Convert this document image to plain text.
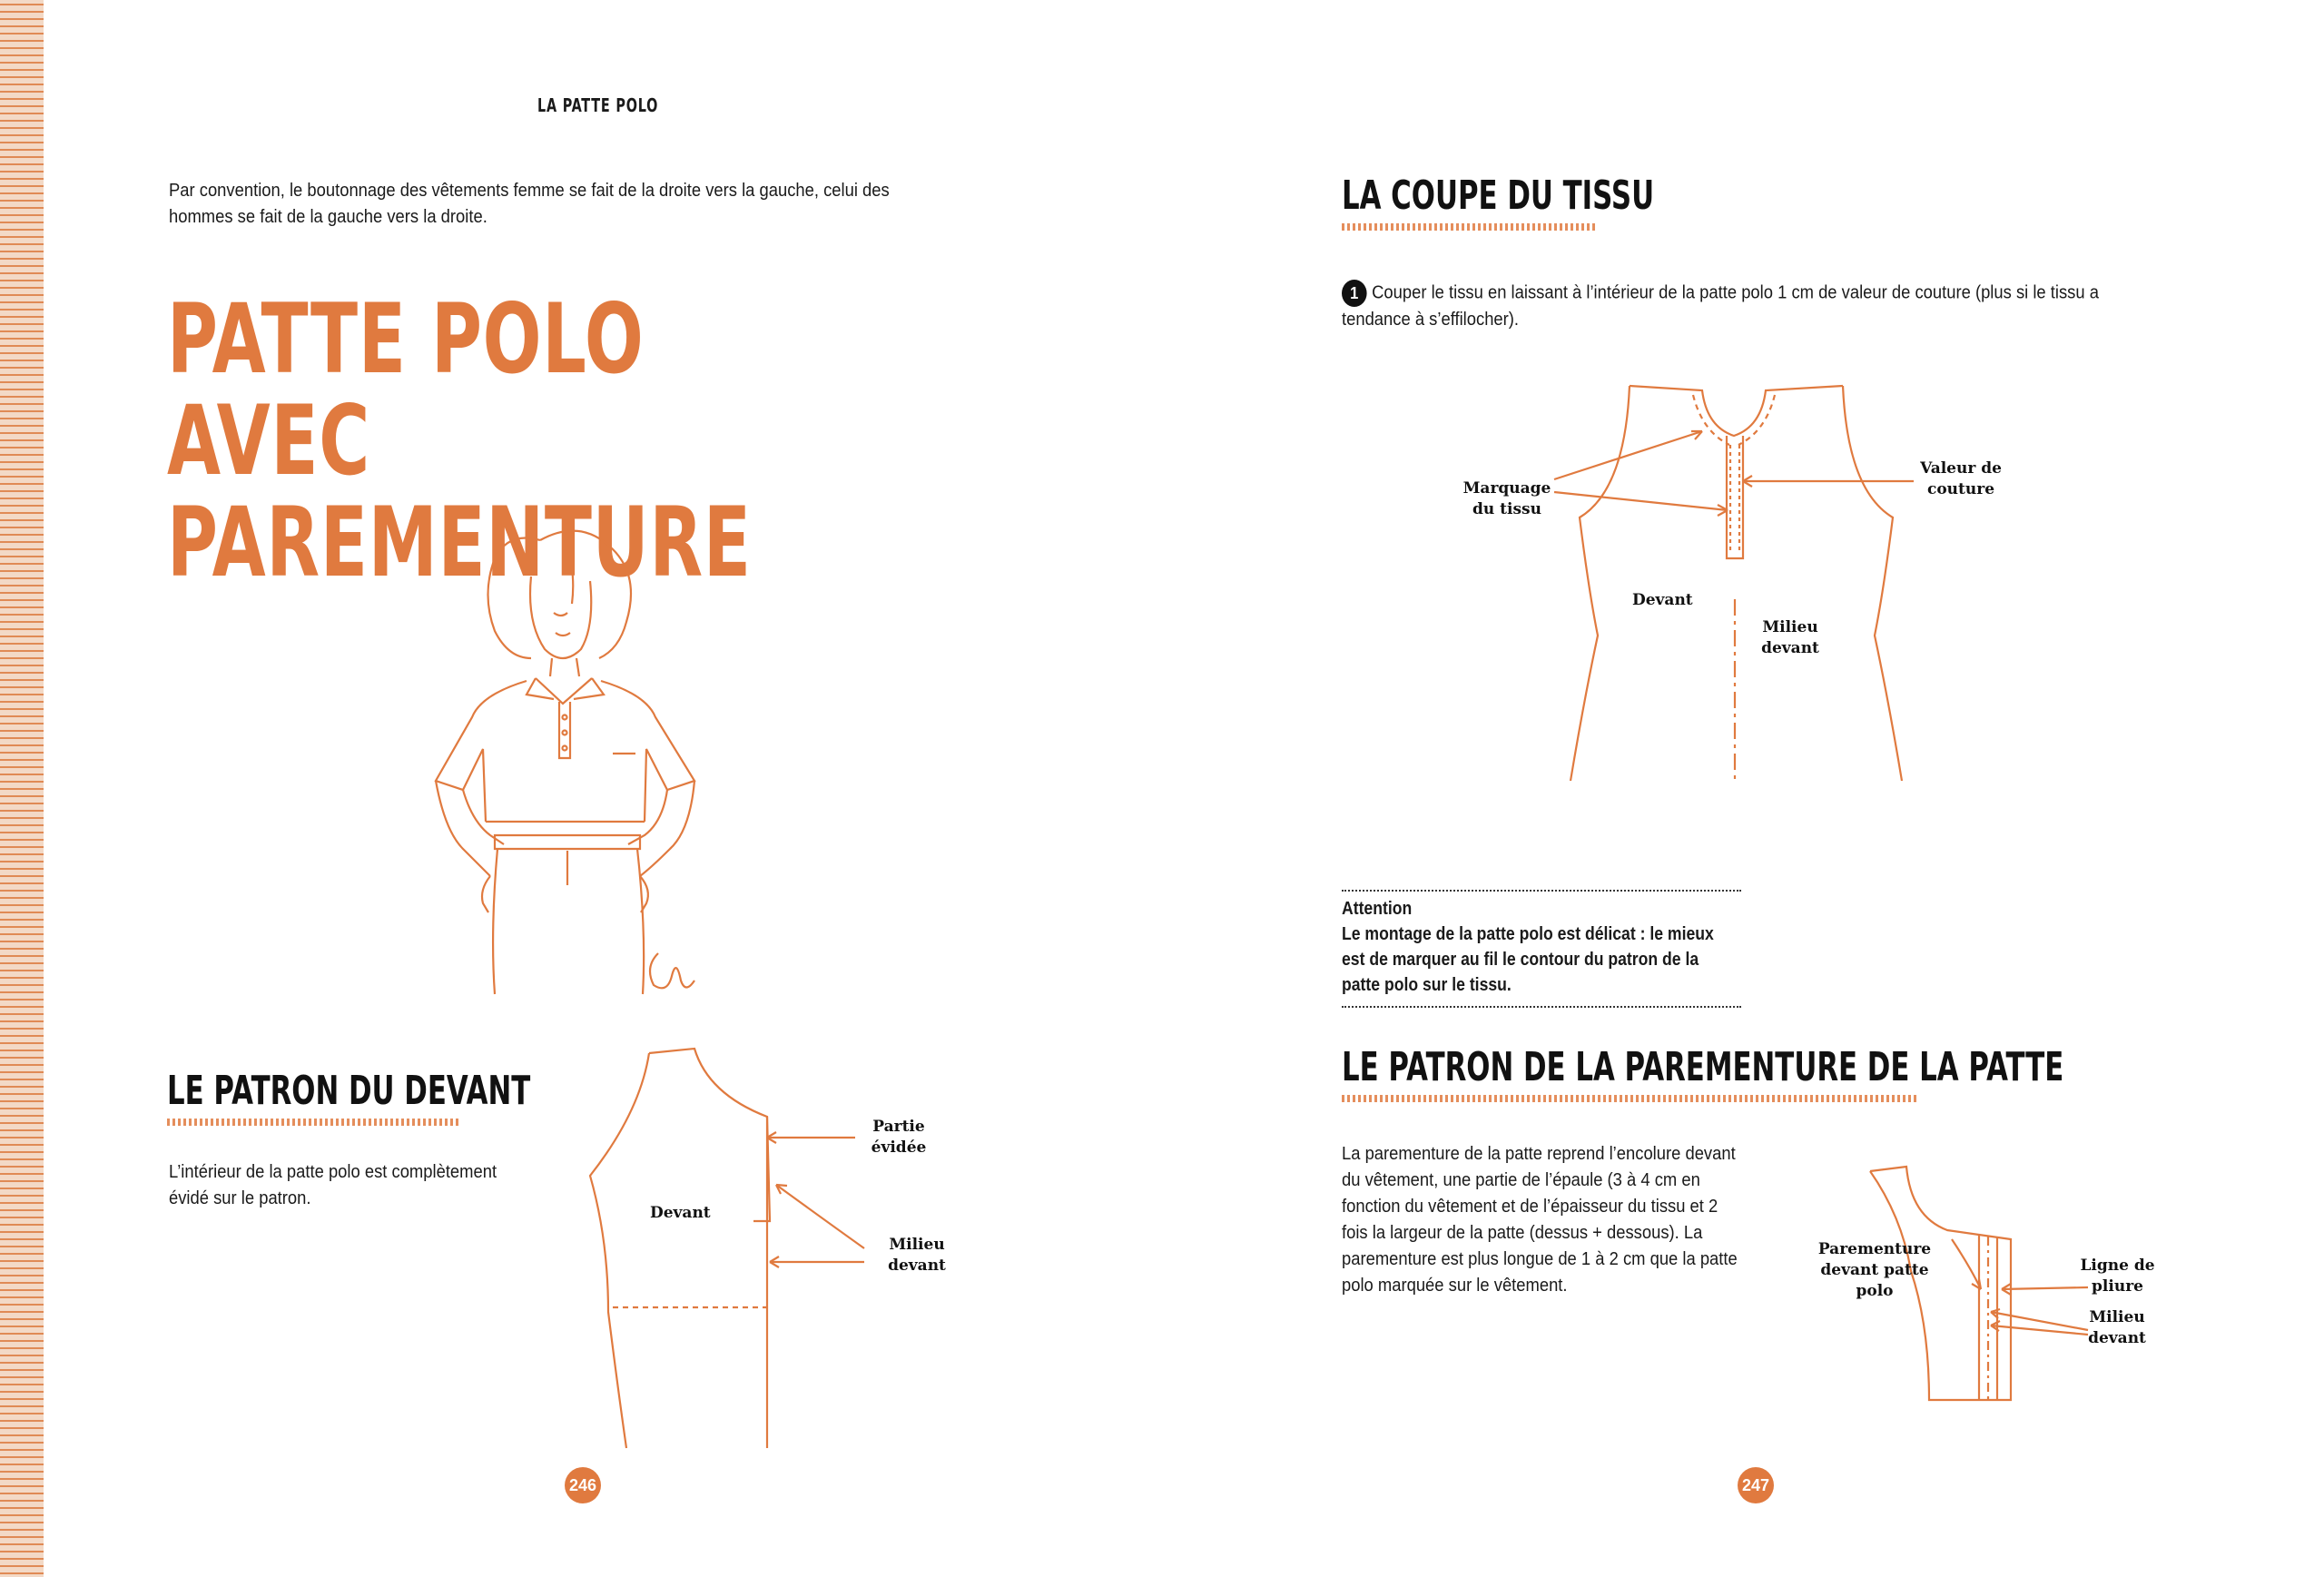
LA PATTE POLO
Par convention, le boutonnage des vêtements femme se fait de la droite vers la gauche, celui des hommes se fait de la gauche vers la droite.
PATTE POLO
AVEC PAREMENTURE
LE PATRON DU DEVANT
L’intérieur de la patte polo est complètement évidé sur le patron.
Devant
Partie évidée
Milieu devant
246
LA COUPE DU TISSU
1 Couper le tissu en laissant à l’intérieur de la patte polo 1 cm de valeur de couture (plus si le tissu a tendance à s’effilocher).
Marquage du tissu
Valeur de couture
Devant
Milieu devant
Attention
Le montage de la patte polo est délicat : le mieux est de marquer au fil le contour du patron de la patte polo sur le tissu.
LE PATRON DE LA PAREMENTURE DE LA PATTE
La parementure de la patte reprend l’encolure devant du vêtement, une partie de l’épaule (3 à 4 cm en fonction du vêtement et de l’épaisseur du tissu et 2 fois la largeur de la patte (dessus + dessous). La parementure est plus longue de 1 à 2 cm que la patte polo marquée sur le vêtement.
Parementure devant patte polo
Ligne de pliure
Milieu devant
247
